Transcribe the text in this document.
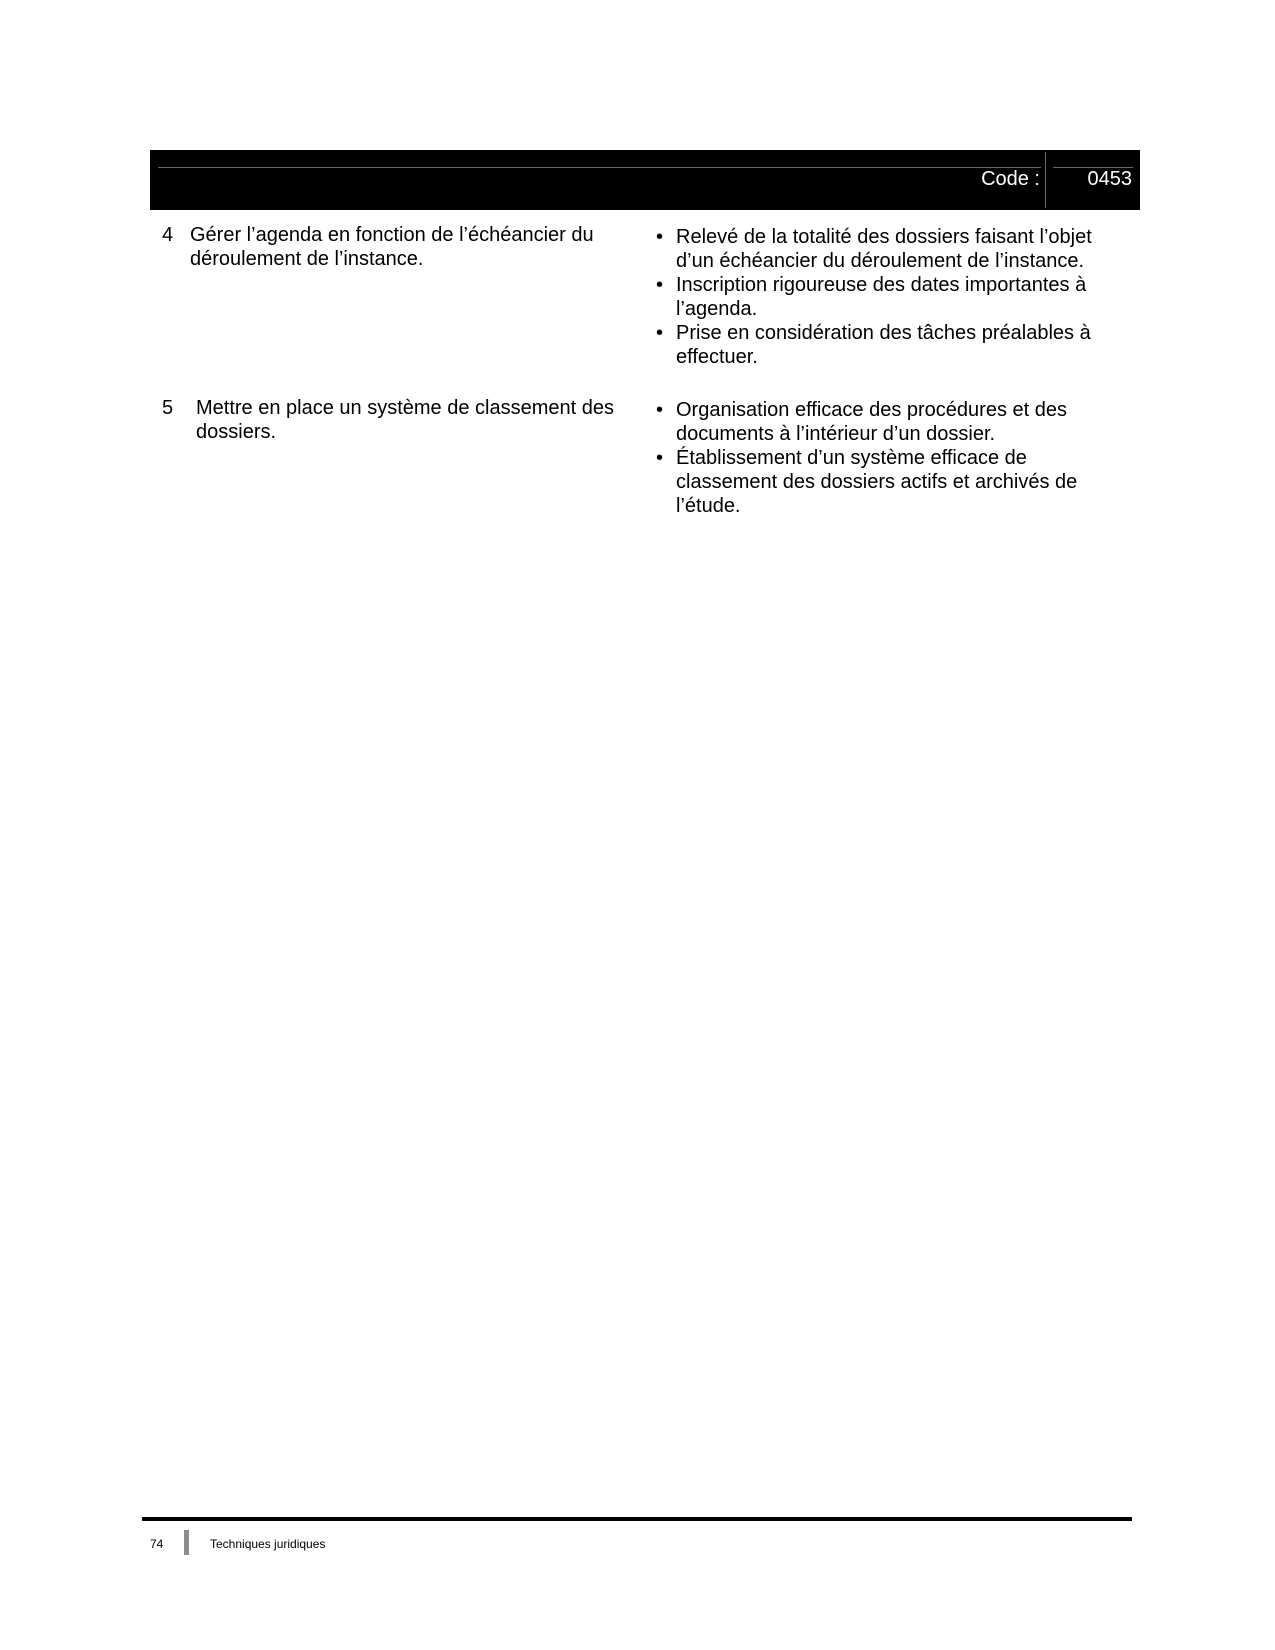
Code : 0453
4 Gérer l’agenda en fonction de l’échéancier du déroulement de l’instance.
• Relevé de la totalité des dossiers faisant l’objet d’un échéancier du déroulement de l’instance.
• Inscription rigoureuse des dates importantes à l’agenda.
• Prise en considération des tâches préalables à effectuer.
5 Mettre en place un système de classement des dossiers.
• Organisation efficace des procédures et des documents à l’intérieur d’un dossier.
• Établissement d’un système efficace de classement des dossiers actifs et archivés de l’étude.
74	Techniques juridiques
